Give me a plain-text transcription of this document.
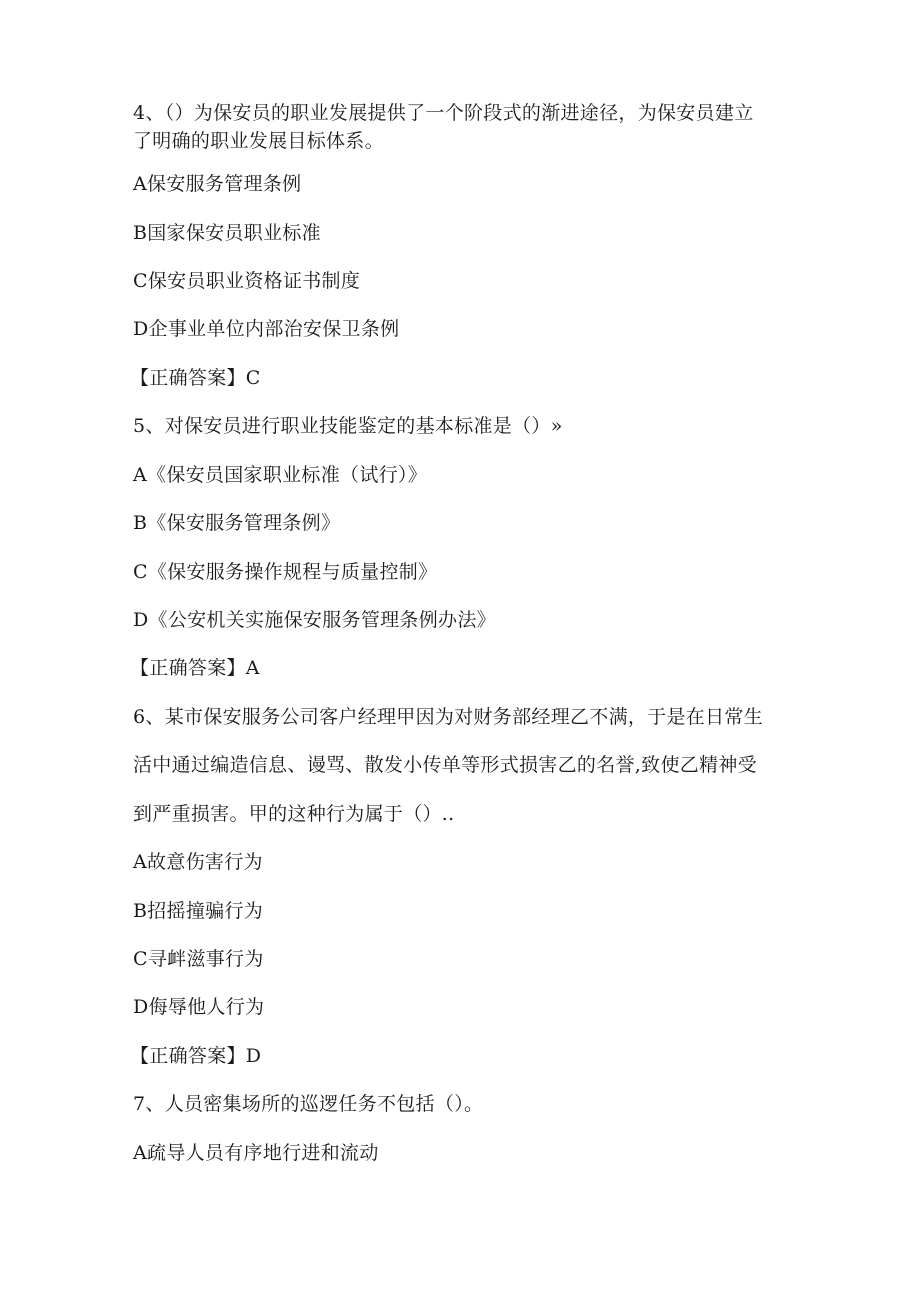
4、（）为保安员的职业发展提供了一个阶段式的渐进途径，为保安员建立
了明确的职业发展目标体系。
A保安服务管理条例
B国家保安员职业标准
C保安员职业资格证书制度
D企事业单位内部治安保卫条例
【正确答案】C
5、对保安员进行职业技能鉴定的基本标准是（）»
A《保安员国家职业标准（试行）》
B《保安服务管理条例》
C《保安服务操作规程与质量控制》
D《公安机关实施保安服务管理条例办法》
【正确答案】A
6、某市保安服务公司客户经理甲因为对财务部经理乙不满，于是在日常生
活中通过编造信息、谩骂、散发小传单等形式损害乙的名誉,致使乙精神受
到严重损害。甲的这种行为属于（）..
A故意伤害行为
B招摇撞骗行为
C寻衅滋事行为
D侮辱他人行为
【正确答案】D
7、人员密集场所的巡逻任务不包括（）。
A疏导人员有序地行进和流动
